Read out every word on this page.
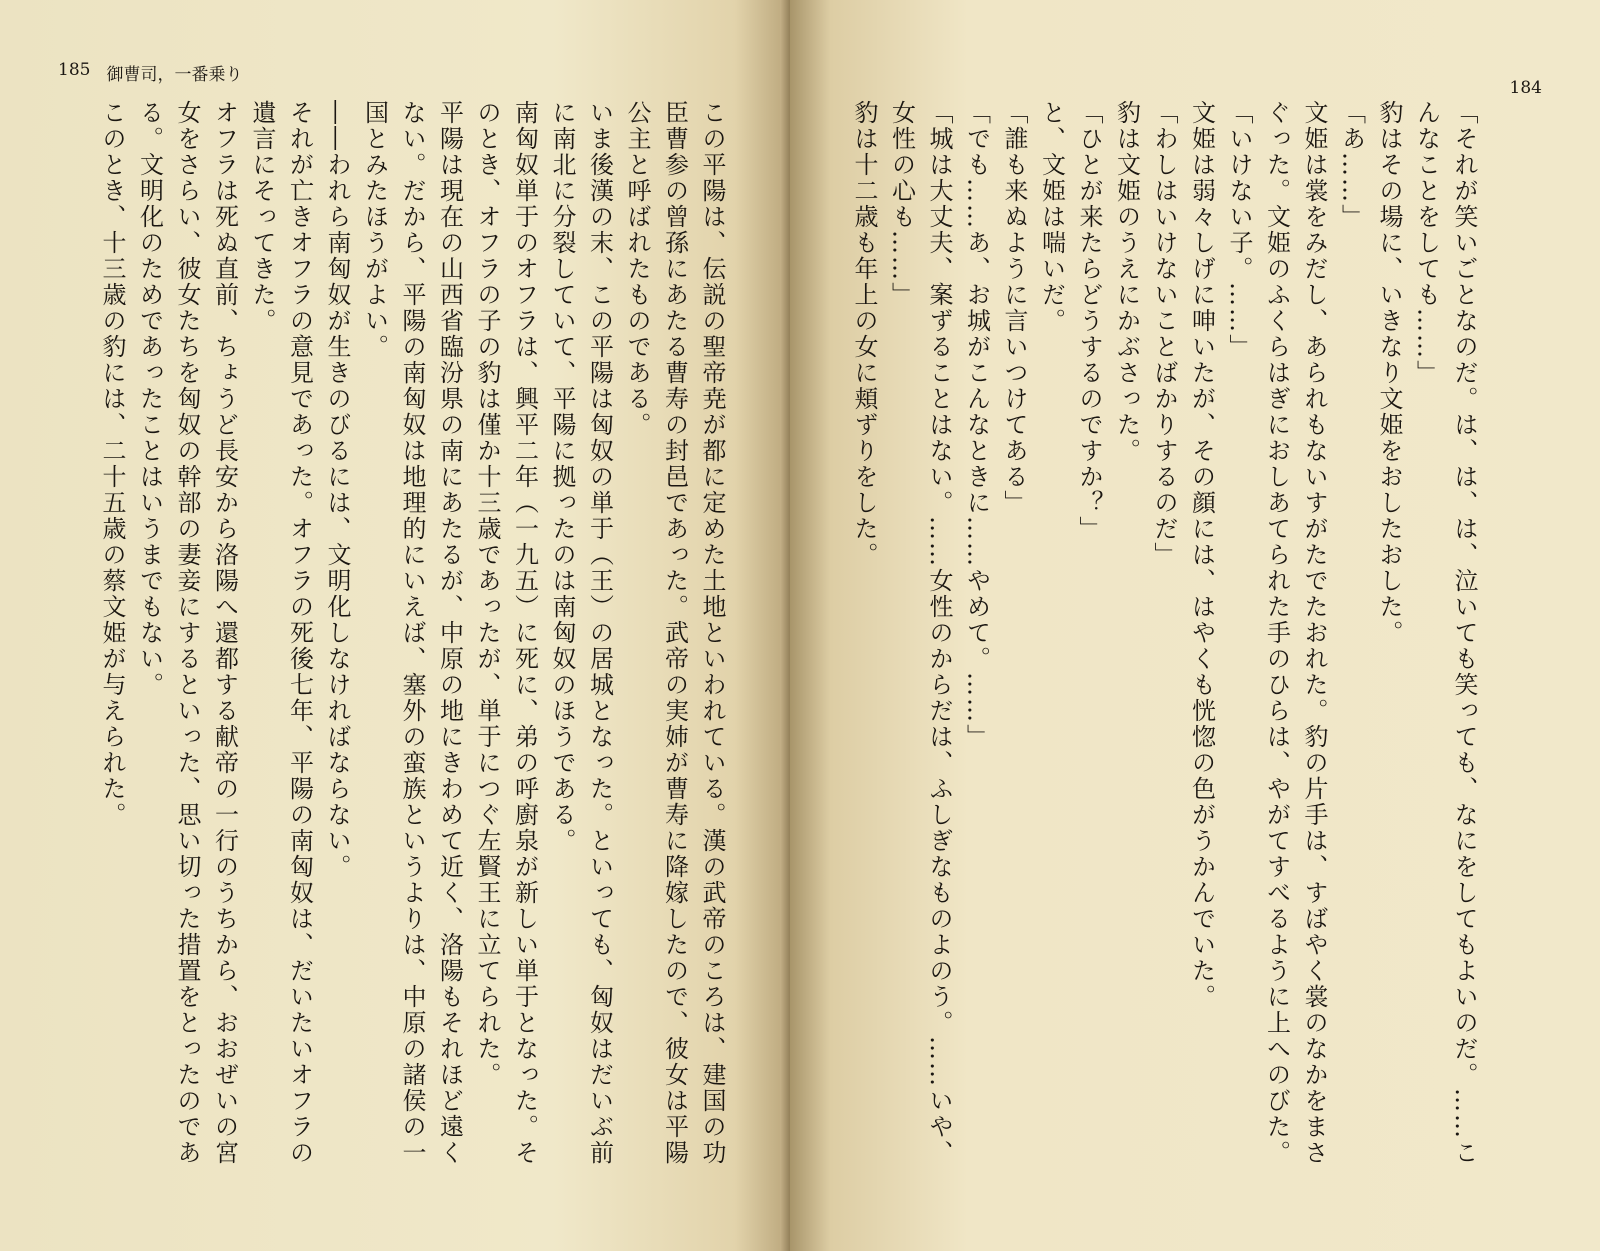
185 御曹司，一番乗り

この平陽は、伝説の聖帝尭が都に定めた土地といわれている。漢の武帝のころは、建国の功臣曹参の曾孫にあたる曹寿の封邑であった。武帝の実姉が曹寿に降嫁したので、彼女は平陽公主と呼ばれたものである。

いま後漢の末、この平陽は匈奴の単于（王）の居城となった。といっても、匈奴はだいぶ前に南北に分裂していて、平陽に拠ったのは南匈奴のほうである。

南匈奴単于のオフラは、興平二年（一九五）に死に、弟の呼廚泉が新しい単于となった。そのとき、オフラの子の豹は僅か十三歳であったが、単于につぐ左賢王に立てられた。

平陽は現在の山西省臨汾県の南にあたるが、中原の地にきわめて近く、洛陽もそれほど遠くない。だから、平陽の南匈奴は地理的にいえば、塞外の蛮族というよりは、中原の諸侯の一国とみたほうがよい。

――われら南匈奴が生きのびるには、文明化しなければならない。

それが亡きオフラの意見であった。オフラの死後七年、平陽の南匈奴は、だいたいオフラの遺言にそってきた。

オフラは死ぬ直前、ちょうど長安から洛陽へ還都する献帝の一行のうちから、おおぜいの宮女をさらい、彼女たちを匈奴の幹部の妻妾にするといった、思い切った措置をとったのである。文明化のためであったことはいうまでもない。

このとき、十三歳の豹には、二十五歳の蔡文姫が与えられた。

184

「それが笑いごとなのだ。は、は、は、泣いても笑っても、なにをしてもよいのだ。……こんなことをしても……」

豹はその場に、いきなり文姫をおしたおした。

「あ……」

文姫は裳をみだし、あられもないすがたでたおれた。豹の片手は、すばやく裳のなかをまさぐった。文姫のふくらはぎにおしあてられた手のひらは、やがてすべるように上へのびた。

「いけない子。……」

文姫は弱々しげに呻いたが、その顔には、はやくも恍惚の色がうかんでいた。

「わしはいけないことばかりするのだ」

豹は文姫のうえにかぶさった。

「ひとが来たらどうするのですか？」

と、文姫は喘いだ。

「誰も来ぬように言いつけてある」

「でも……あ、お城がこんなときに……やめて。……」

「城は大丈夫、案ずることはない。……女性のからだは、ふしぎなものよのう。……いや、女性の心も……」

豹は十二歳も年上の女に頬ずりをした。
